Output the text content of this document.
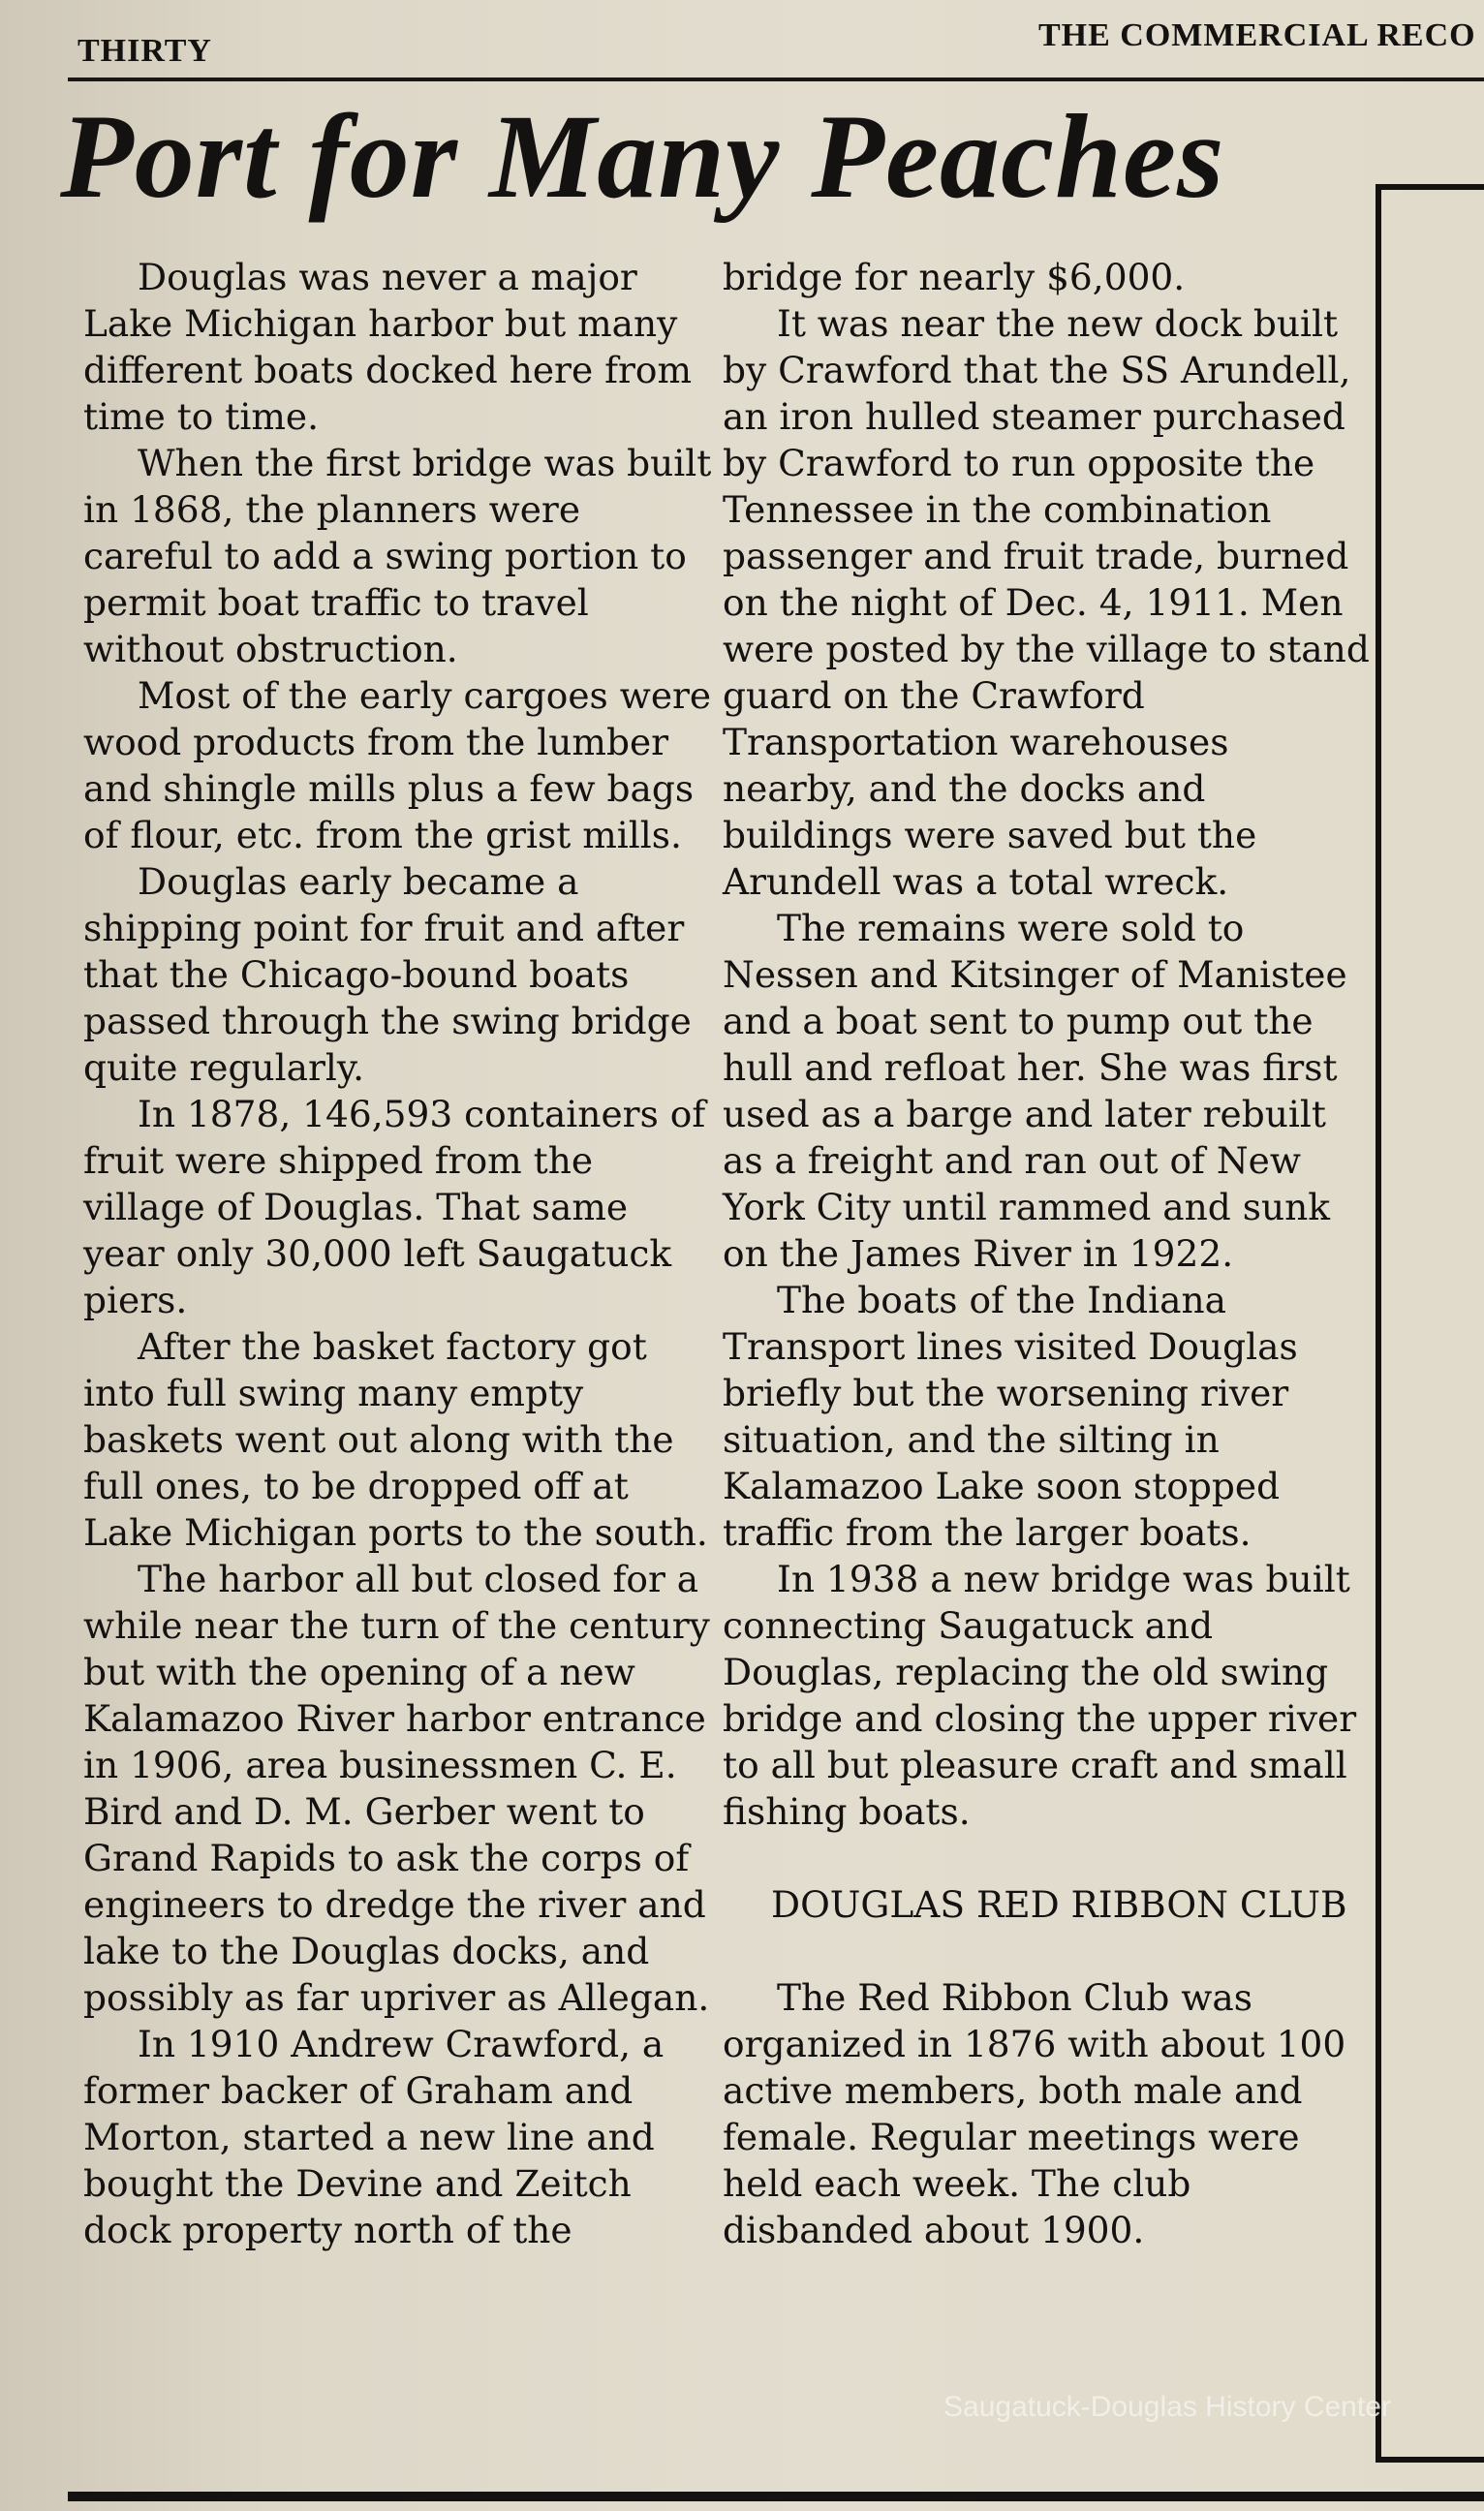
THIRTY	THE COMMERCIAL RECO
Port for Many Peaches

Douglas was never a major Lake Michigan harbor but many different boats docked here from time to time.

When the first bridge was built in 1868, the planners were careful to add a swing portion to permit boat traffic to travel without obstruction.

Most of the early cargoes were wood products from the lumber and shingle mills plus a few bags of flour, etc. from the grist mills.

Douglas early became a shipping point for fruit and after that the Chicago-bound boats passed through the swing bridge quite regularly.

In 1878, 146,593 containers of fruit were shipped from the village of Douglas. That same year only 30,000 left Saugatuck piers.

After the basket factory got into full swing many empty baskets went out along with the full ones, to be dropped off at Lake Michigan ports to the south.

The harbor all but closed for a while near the turn of the century but with the opening of a new Kalamazoo River harbor entrance in 1906, area businessmen C. E. Bird and D. M. Gerber went to Grand Rapids to ask the corps of engineers to dredge the river and lake to the Douglas docks, and possibly as far upriver as Allegan.

In 1910 Andrew Crawford, a former backer of Graham and Morton, started a new line and bought the Devine and Zeitch dock property north of the

bridge for nearly $6,000.

It was near the new dock built by Crawford that the SS Arundell, an iron hulled steamer purchased by Crawford to run opposite the Tennessee in the combination passenger and fruit trade, burned on the night of Dec. 4, 1911. Men were posted by the village to stand guard on the Crawford Transportation warehouses nearby, and the docks and buildings were saved but the Arundell was a total wreck.

The remains were sold to Nessen and Kitsinger of Manistee and a boat sent to pump out the hull and refloat her. She was first used as a barge and later rebuilt as a freight and ran out of New York City until rammed and sunk on the James River in 1922.

The boats of the Indiana Transport lines visited Douglas briefly but the worsening river situation, and the silting in Kalamazoo Lake soon stopped traffic from the larger boats.

In 1938 a new bridge was built connecting Saugatuck and Douglas, replacing the old swing bridge and closing the upper river to all but pleasure craft and small fishing boats.

DOUGLAS RED RIBBON CLUB

The Red Ribbon Club was organized in 1876 with about 100 active members, both male and female. Regular meetings were held each week. The club disbanded about 1900.

Saugatuck-Douglas History Center
